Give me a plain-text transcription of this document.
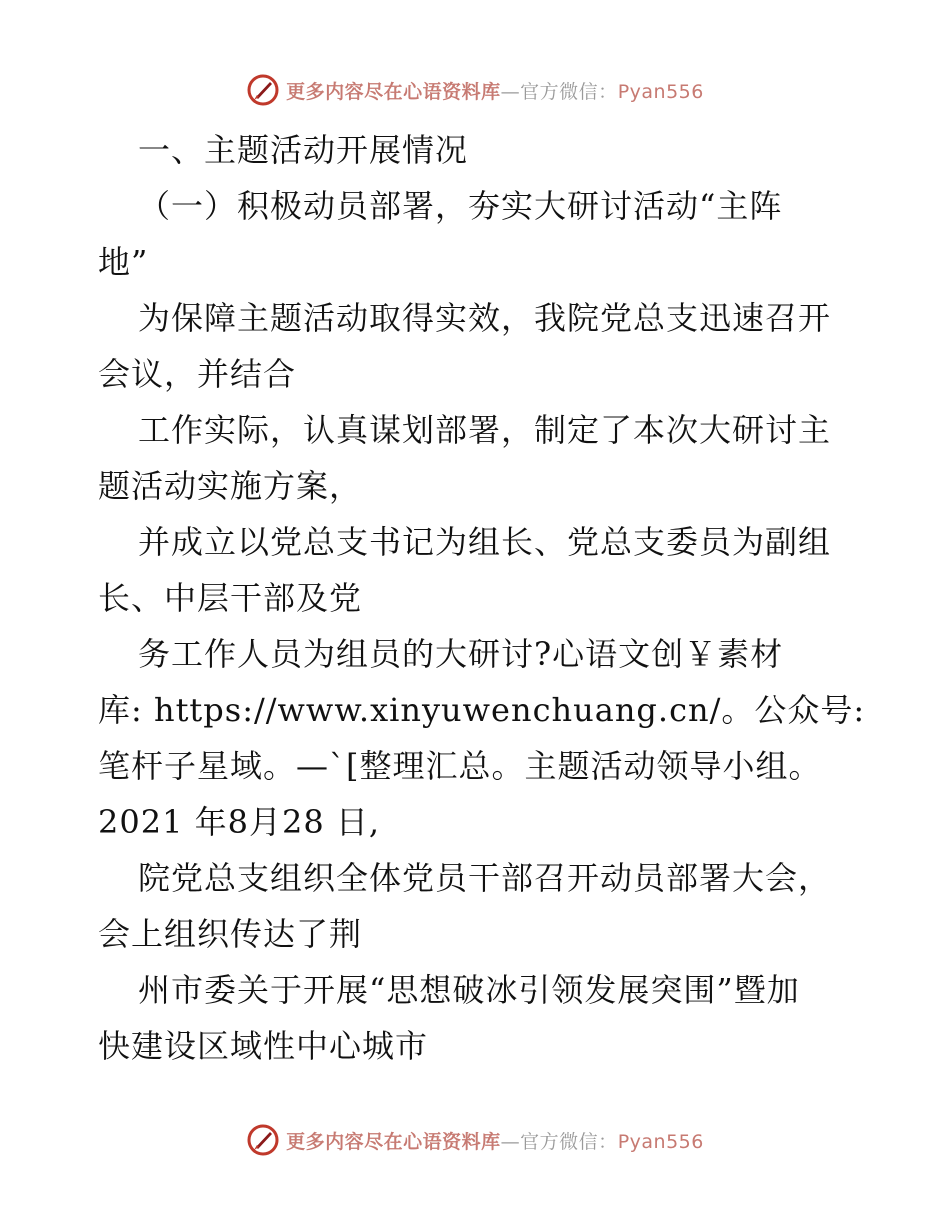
更多内容尽在心语资料库—官方微信：Pyan556
一、主题活动开展情况
（一）积极动员部署，夯实大研讨活动“主阵
地”
为保障主题活动取得实效，我院党总支迅速召开
会议，并结合
工作实际，认真谋划部署，制定了本次大研讨主
题活动实施方案，
并成立以党总支书记为组长、党总支委员为副组
长、中层干部及党
务工作人员为组员的大研讨?心语文创￥素材
库: https://www.xinyuwenchuang.cn/。公众号:
笔杆子星域。—`[整理汇总。主题活动领导小组。
2021 年8月28 日,
院党总支组织全体党员干部召开动员部署大会，
会上组织传达了荆
州市委关于开展“思想破冰引领发展突围”暨加
快建设区域性中心城市
更多内容尽在心语资料库—官方微信：Pyan556
